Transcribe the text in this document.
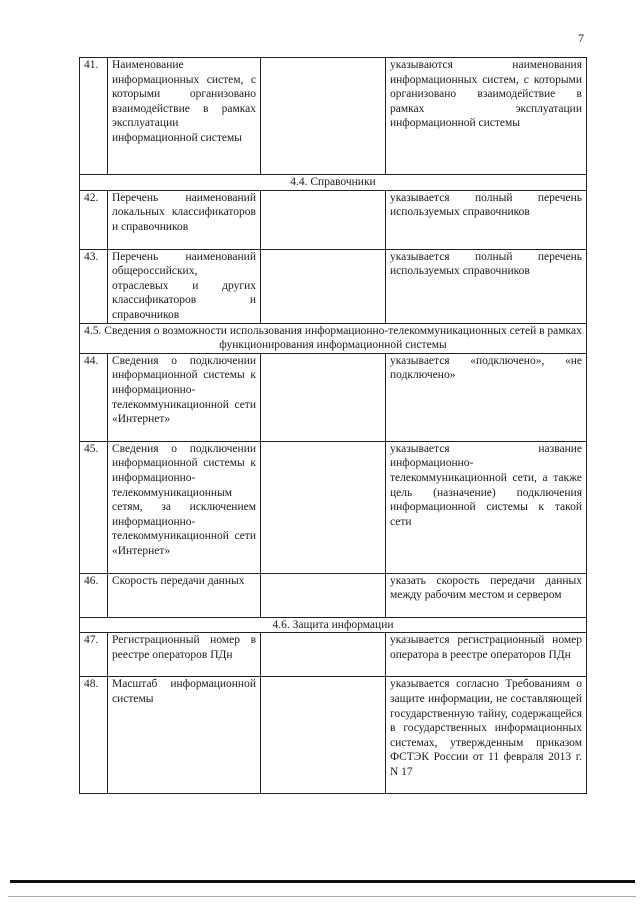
7
41.	Наименование информационных систем, с которыми организовано взаимодействие в рамках эксплуатации информационной системы		указываются наименования информационных систем, с которыми организовано взаимодействие в рамках эксплуатации информационной системы
4.4. Справочники			
42.	Перечень наименований локальных классификаторов и справочников		указывается полный перечень используемых справочников
43.	Перечень наименований общероссийских, отраслевых и других классификаторов и справочников		указывается полный перечень используемых справочников
4.5. Сведения о возможности использования информационно-телекоммуникационных сетей в рамках функционирования информационной системы			
44.	Сведения о подключении информационной системы к информационно-телекоммуникационной сети «Интернет»		указывается «подключено», «не подключено»
45.	Сведения о подключении информационной системы к информационно-телекоммуникационным сетям, за исключением информационно-телекоммуникационной сети «Интернет»		указывается название информационно-телекоммуникационной сети, а также цель (назначение) подключения информационной системы к такой сети
46.	Скорость передачи данных		указать скорость передачи данных между рабочим местом и сервером
4.6. Защита информации			
47.	Регистрационный номер в реестре операторов ПДн		указывается регистрационный номер оператора в реестре операторов ПДн
48.	Масштаб информационной системы		указывается согласно Требованиям о защите информации, не составляющей государственную тайну, содержащейся в государственных информационных системах, утвержденным приказом ФСТЭК России от 11 февраля 2013 г. N 17
